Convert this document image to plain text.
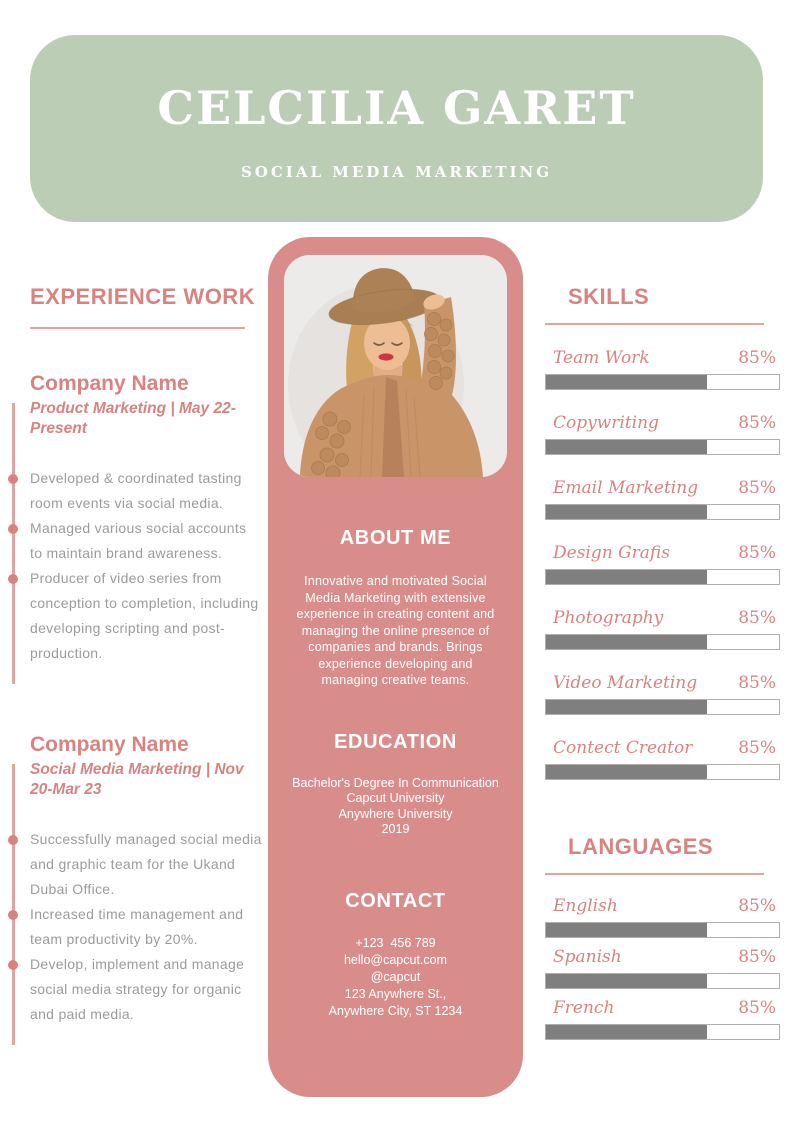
CELCILIA GARET
SOCIAL MEDIA MARKETING
EXPERIENCE WORK
Company Name
Product Marketing | May 22-Present
Developed & coordinated tasting room events via social media.
Managed various social accounts to maintain brand awareness.
Producer of video series from conception to completion, including developing scripting and post-production.
Company Name
Social Media Marketing | Nov 20-Mar 23
Successfully managed social media and graphic team for the Ukand Dubai Office.
Increased time management and team productivity by 20%.
Develop, implement and manage social media strategy for organic and paid media.
ABOUT ME

Innovative and motivated Social Media Marketing with extensive experience in creating content and managing the online presence of companies and brands. Brings experience developing and managing creative teams.

EDUCATION
Bachelor's Degree In Communication
Capcut University
Anywhere University
2019
CONTACT
+123  456 789
hello@capcut.com
@capcut
123 Anywhere St.,
Anywhere City, ST 1234
SKILLS
Team Work	85%
Copywriting	85%
Email Marketing 85%
Design Grafis	85%
Photography	85%
Video Marketing 85%
Contect Creator	85%
LANGUAGES
English	85%
Spanish	85%
French	85%
